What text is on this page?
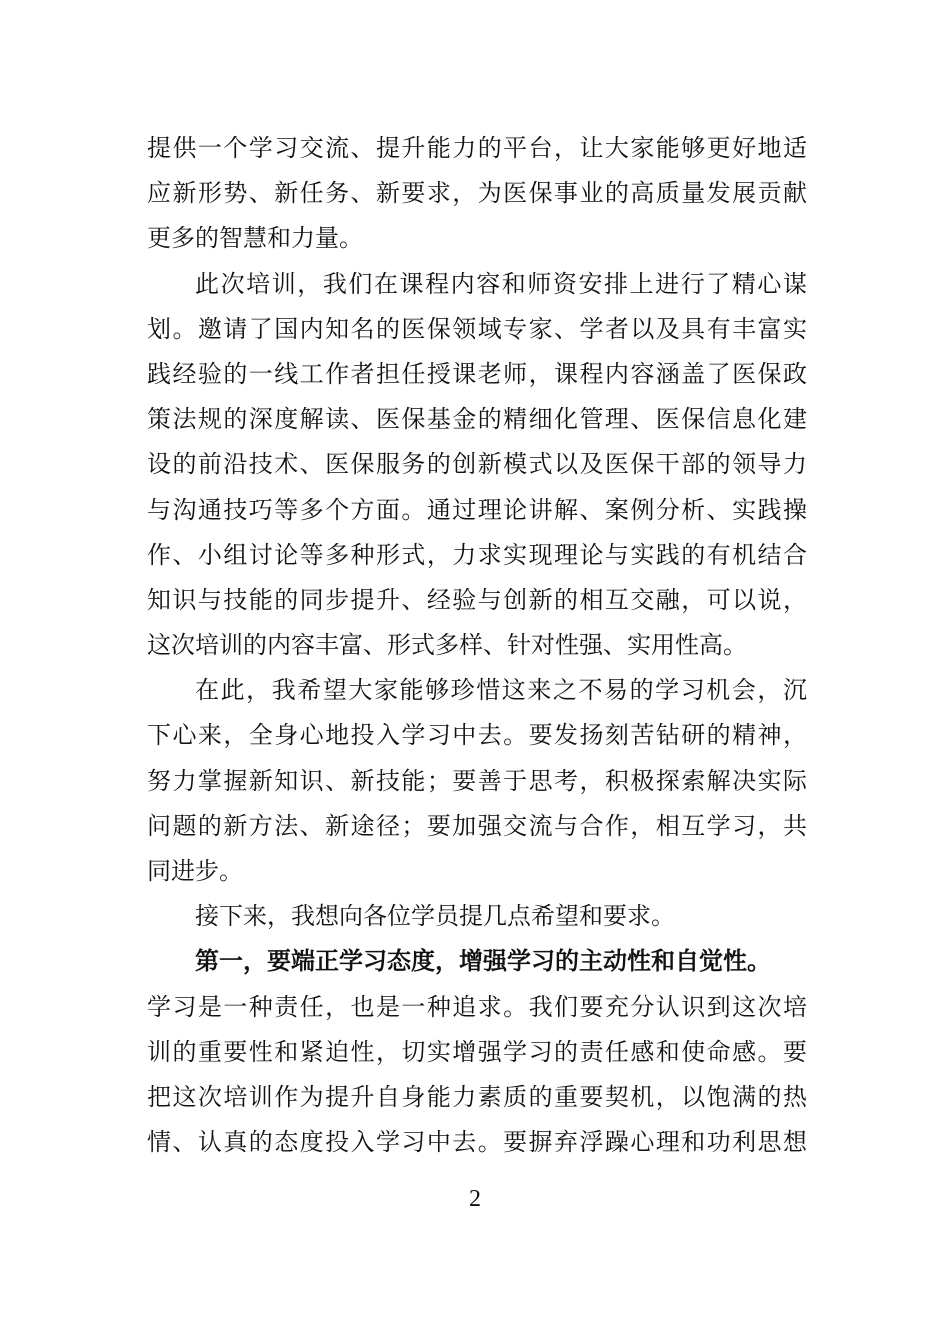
提供一个学习交流、提升能力的平台，让大家能够更好地适
应新形势、新任务、新要求，为医保事业的高质量发展贡献
更多的智慧和力量。
此次培训，我们在课程内容和师资安排上进行了精心谋
划。邀请了国内知名的医保领域专家、学者以及具有丰富实
践经验的一线工作者担任授课老师，课程内容涵盖了医保政
策法规的深度解读、医保基金的精细化管理、医保信息化建
设的前沿技术、医保服务的创新模式以及医保干部的领导力
与沟通技巧等多个方面。通过理论讲解、案例分析、实践操
作、小组讨论等多种形式，力求实现理论与实践的有机结合
知识与技能的同步提升、经验与创新的相互交融，可以说，
这次培训的内容丰富、形式多样、针对性强、实用性高。
在此，我希望大家能够珍惜这来之不易的学习机会，沉
下心来，全身心地投入学习中去。要发扬刻苦钻研的精神，
努力掌握新知识、新技能；要善于思考，积极探索解决实际
问题的新方法、新途径；要加强交流与合作，相互学习，共
同进步。
接下来，我想向各位学员提几点希望和要求。
第一，要端正学习态度，增强学习的主动性和自觉性。
学习是一种责任，也是一种追求。我们要充分认识到这次培
训的重要性和紧迫性，切实增强学习的责任感和使命感。要
把这次培训作为提升自身能力素质的重要契机，以饱满的热
情、认真的态度投入学习中去。要摒弃浮躁心理和功利思想
2
